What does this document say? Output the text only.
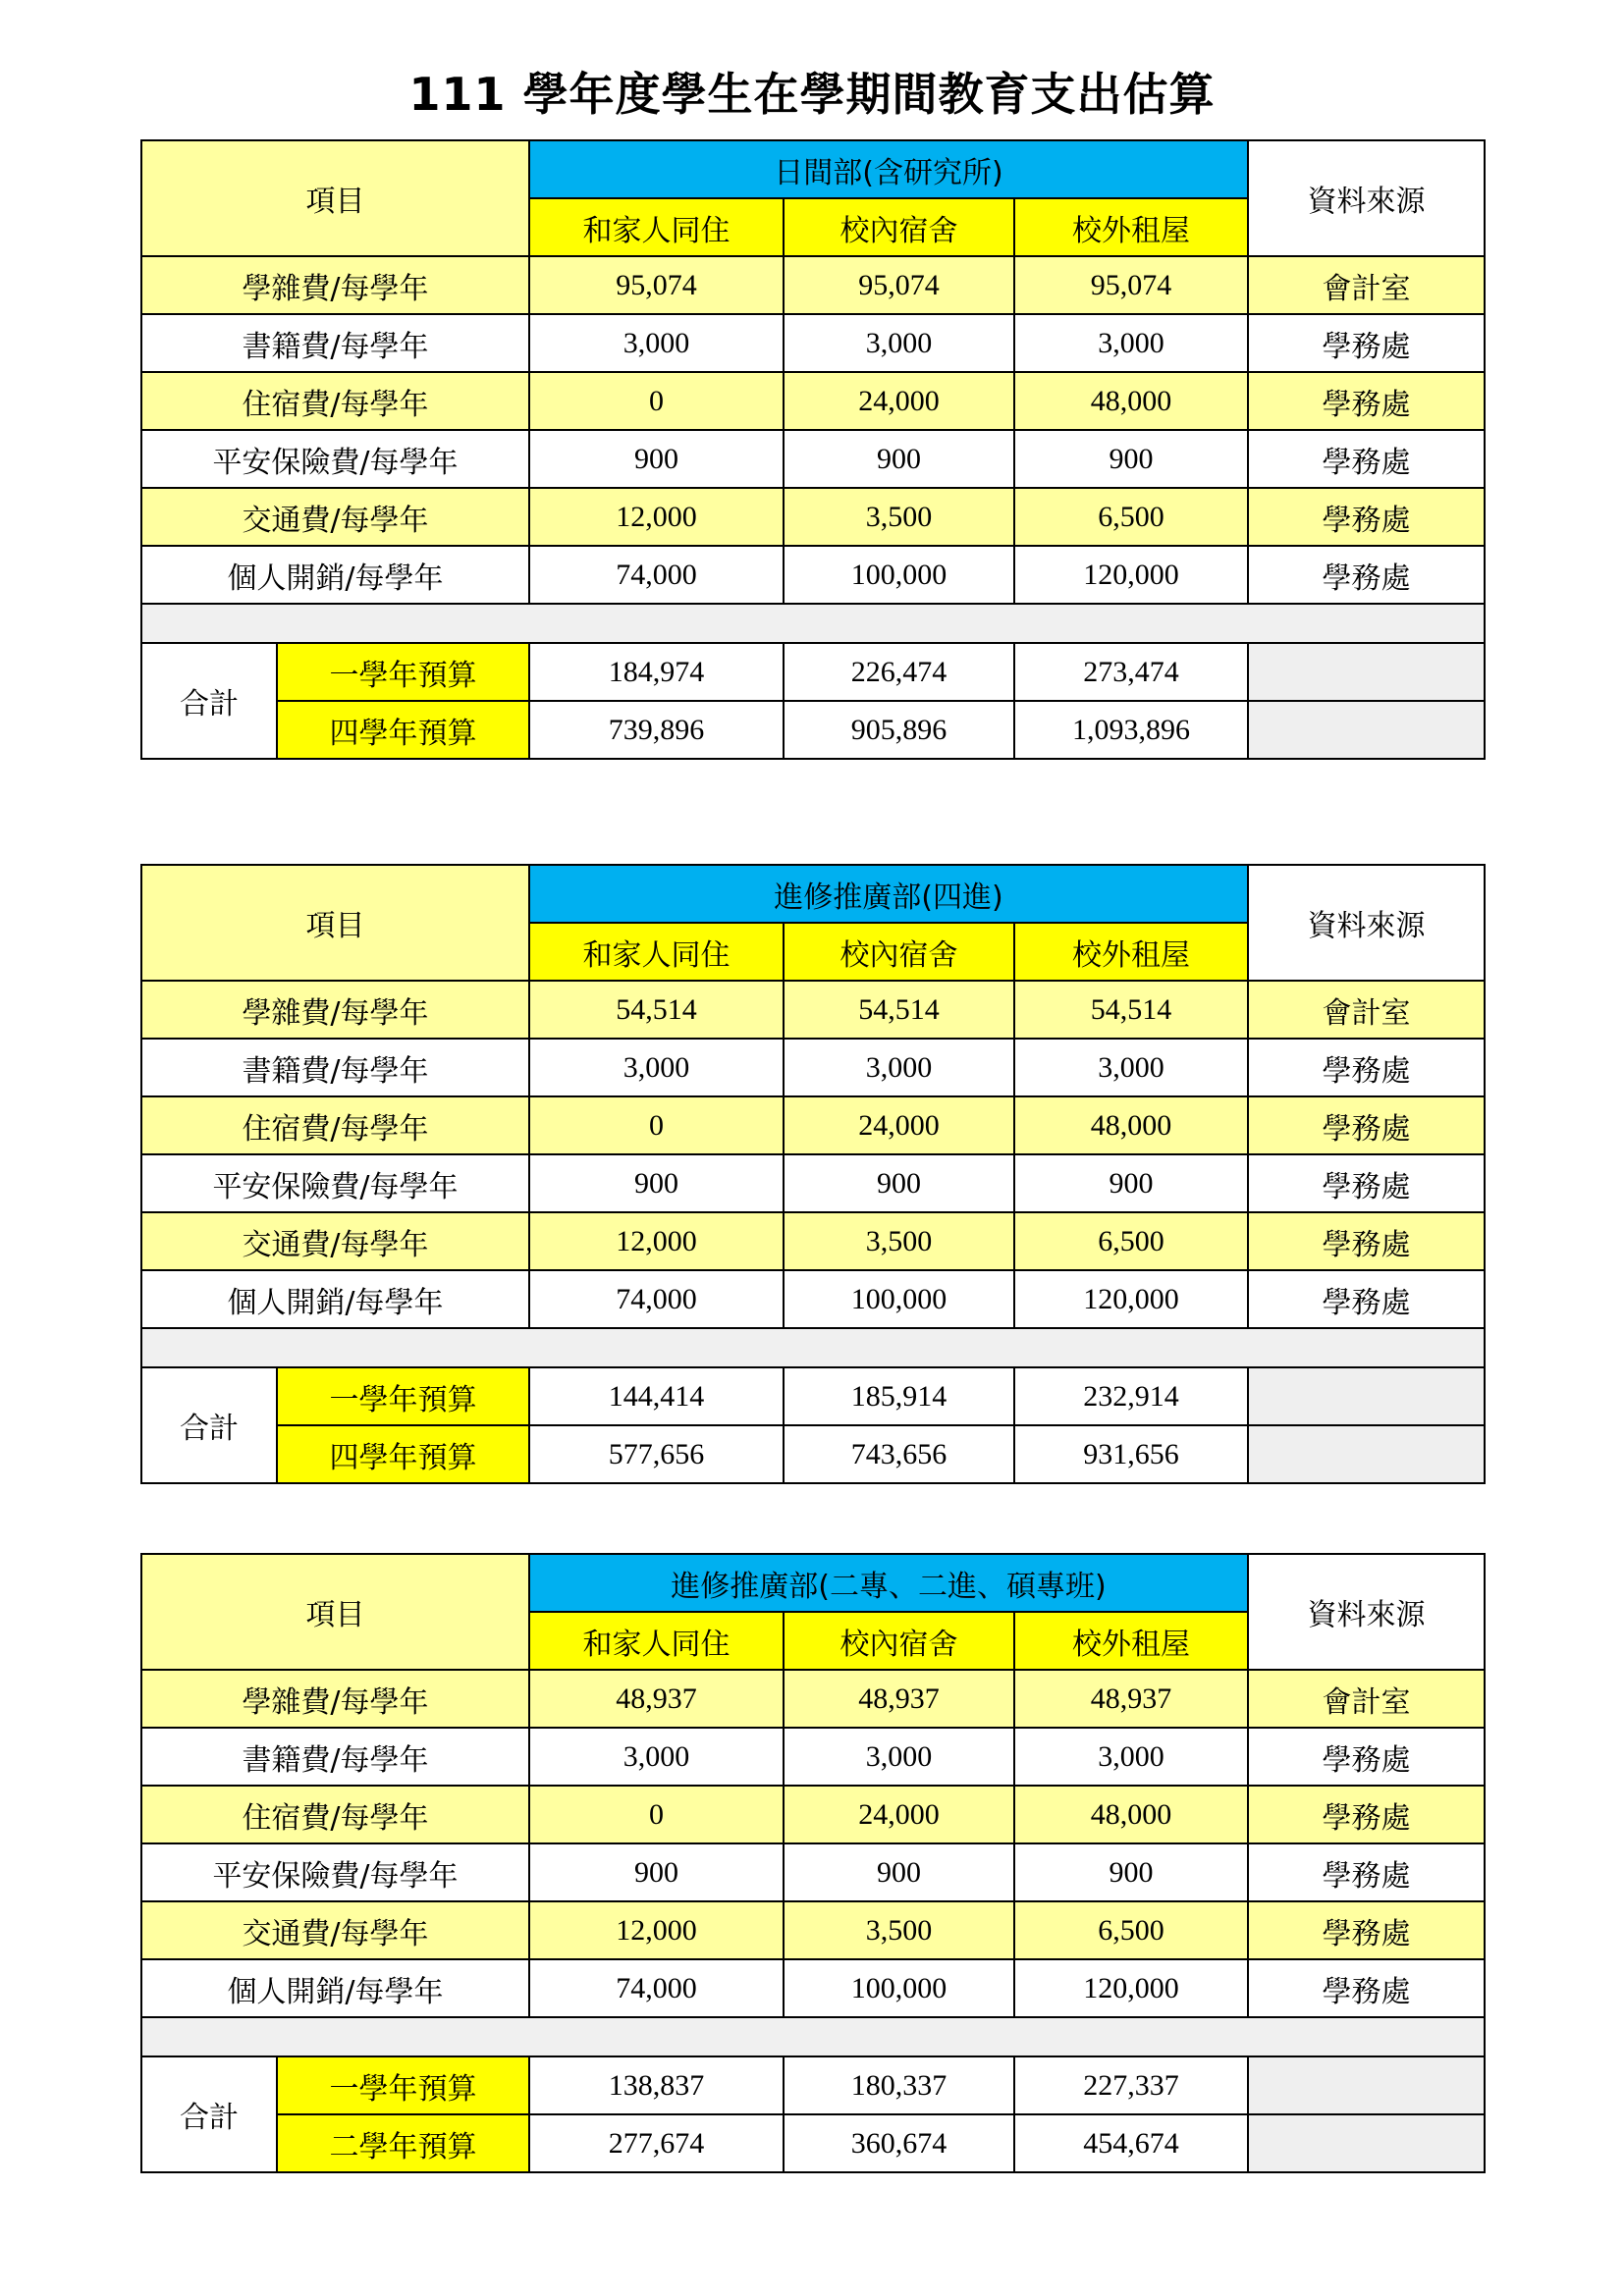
111 學年度學生在學期間教育支出估算
項目	日間部(含研究所)			資料來源
	和家人同住	校內宿舍	校外租屋	
學雜費/每學年	95,074	95,074	95,074	會計室
書籍費/每學年	3,000	3,000	3,000	學務處
住宿費/每學年	0	24,000	48,000	學務處
平安保險費/每學年	900	900	900	學務處
交通費/每學年	12,000	3,500	6,500	學務處
個人開銷/每學年	74,000	100,000	120,000	學務處

合計	一學年預算	184,974	226,474	273,474	
	四學年預算	739,896	905,896	1,093,896	
項目	進修推廣部(四進)			資料來源
	和家人同住	校內宿舍	校外租屋	
學雜費/每學年	54,514	54,514	54,514	會計室
書籍費/每學年	3,000	3,000	3,000	學務處
住宿費/每學年	0	24,000	48,000	學務處
平安保險費/每學年	900	900	900	學務處
交通費/每學年	12,000	3,500	6,500	學務處
個人開銷/每學年	74,000	100,000	120,000	學務處

合計	一學年預算	144,414	185,914	232,914	
	四學年預算	577,656	743,656	931,656	
項目	進修推廣部(二專、二進、碩專班)			資料來源
	和家人同住	校內宿舍	校外租屋	
學雜費/每學年	48,937	48,937	48,937	會計室
書籍費/每學年	3,000	3,000	3,000	學務處
住宿費/每學年	0	24,000	48,000	學務處
平安保險費/每學年	900	900	900	學務處
交通費/每學年	12,000	3,500	6,500	學務處
個人開銷/每學年	74,000	100,000	120,000	學務處

合計	一學年預算	138,837	180,337	227,337	
	二學年預算	277,674	360,674	454,674	
